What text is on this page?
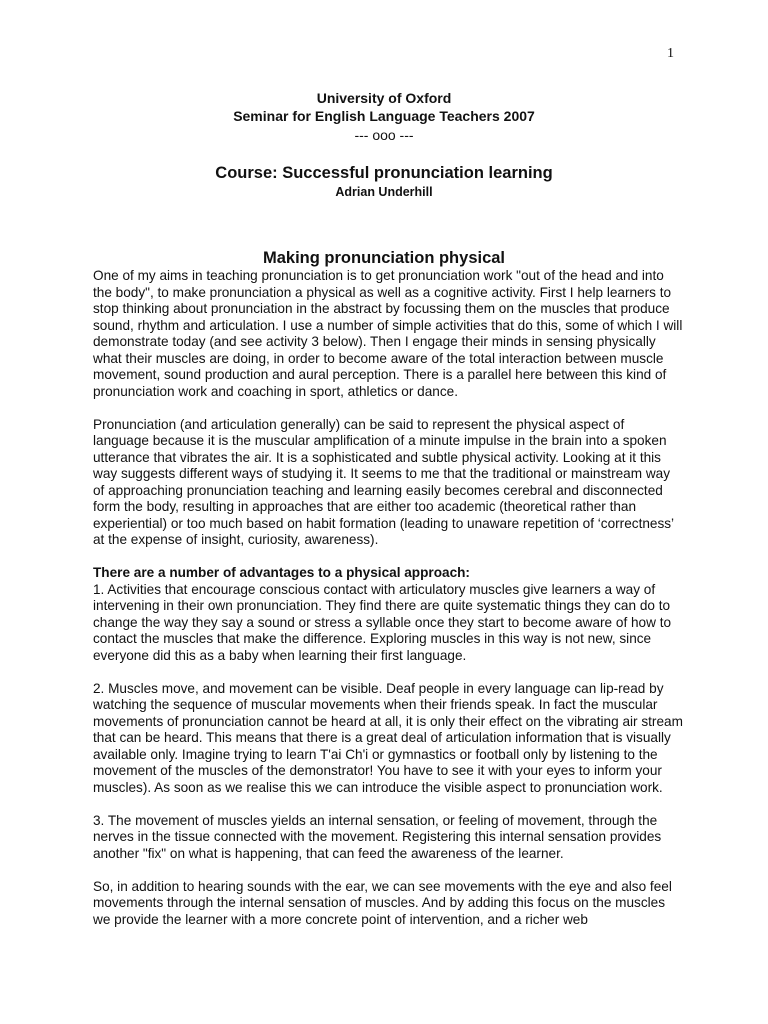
1
University of Oxford
Seminar for English Language Teachers 2007
--- ooo ---
Course: Successful pronunciation learning
Adrian Underhill
Making pronunciation physical

One of my aims in teaching pronunciation is to get pronunciation work "out of the head and into the body", to make pronunciation a physical as well as a cognitive activity. First I help learners to stop thinking about pronunciation in the abstract by focussing them on the muscles that produce sound, rhythm and articulation. I use a number of simple activities that do this, some of which I will demonstrate today (and see activity 3 below). Then I engage their minds in sensing physically what their muscles are doing, in order to become aware of the total interaction between muscle movement, sound production and aural perception. There is a parallel here between this kind of pronunciation work and coaching in sport, athletics or dance.

Pronunciation (and articulation generally) can be said to represent the physical aspect of language because it is the muscular amplification of a minute impulse in the brain into a spoken utterance that vibrates the air. It is a sophisticated and subtle physical activity. Looking at it this way suggests different ways of studying it. It seems to me that the traditional or mainstream way of approaching pronunciation teaching and learning easily becomes cerebral and disconnected form the body, resulting in approaches that are either too academic (theoretical rather than experiential) or too much based on habit formation (leading to unaware repetition of ‘correctness’ at the expense of insight, curiosity, awareness).

There are a number of advantages to a physical approach:

1. Activities that encourage conscious contact with articulatory muscles give learners a way of intervening in their own pronunciation. They find there are quite systematic things they can do to change the way they say a sound or stress a syllable once they start to become aware of how to contact the muscles that make the difference. Exploring muscles in this way is not new, since everyone did this as a baby when learning their first language.

2. Muscles move, and movement can be visible. Deaf people in every language can lip-read by watching the sequence of muscular movements when their friends speak. In fact the muscular movements of pronunciation cannot be heard at all, it is only their effect on the vibrating air stream that can be heard. This means that there is a great deal of articulation information that is visually available only. Imagine trying to learn T'ai Ch'i or gymnastics or football only by listening to the movement of the muscles of the demonstrator! You have to see it with your eyes to inform your muscles). As soon as we realise this we can introduce the visible aspect to pronunciation work.

3. The movement of muscles yields an internal sensation, or feeling of movement, through the nerves in the tissue connected with the movement. Registering this internal sensation provides another "fix" on what is happening, that can feed the awareness of the learner.

So, in addition to hearing sounds with the ear, we can see movements with the eye and also feel movements through the internal sensation of muscles. And by adding this focus on the muscles we provide the learner with a more concrete point of intervention, and a richer web
